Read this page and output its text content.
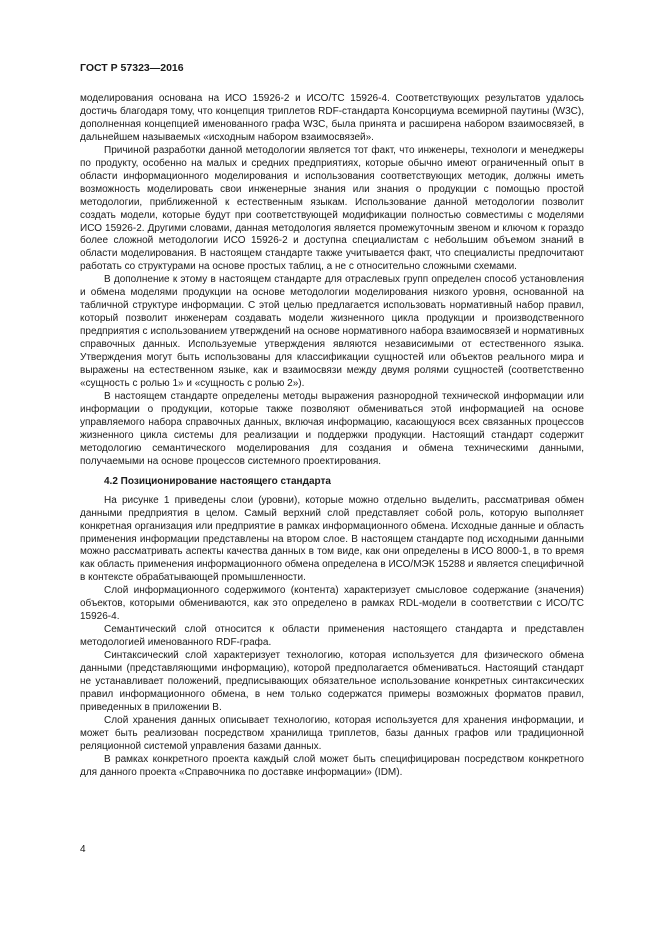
ГОСТ Р 57323—2016

моделирования основана на ИСО 15926-2 и ИСО/ТС 15926-4. Соответствующих результатов удалось достичь благодаря тому, что концепция триплетов RDF-стандарта Консорциума всемирной паутины (W3C), дополненная концепцией именованного графа W3C, была принята и расширена набором взаимосвязей, в дальнейшем называемых «исходным набором взаимосвязей».

Причиной разработки данной методологии является тот факт, что инженеры, технологи и менеджеры по продукту, особенно на малых и средних предприятиях, которые обычно имеют ограниченный опыт в области информационного моделирования и использования соответствующих методик, должны иметь возможность моделировать свои инженерные знания или знания о продукции с помощью простой методологии, приближенной к естественным языкам. Использование данной методологии позволит создать модели, которые будут при соответствующей модификации полностью совместимы с моделями ИСО 15926-2. Другими словами, данная методология является промежуточным звеном и ключом к гораздо более сложной методологии ИСО 15926-2 и доступна специалистам с небольшим объемом знаний в области моделирования. В настоящем стандарте также учитывается факт, что специалисты предпочитают работать со структурами на основе простых таблиц, а не с относительно сложными схемами.

В дополнение к этому в настоящем стандарте для отраслевых групп определен способ установления и обмена моделями продукции на основе методологии моделирования низкого уровня, основанной на табличной структуре информации. С этой целью предлагается использовать нормативный набор правил, который позволит инженерам создавать модели жизненного цикла продукции и производственного предприятия с использованием утверждений на основе нормативного набора взаимосвязей и нормативных справочных данных. Используемые утверждения являются независимыми от естественного языка. Утверждения могут быть использованы для классификации сущностей или объектов реального мира и выражены на естественном языке, как и взаимосвязи между двумя ролями сущностей (соответственно «сущность с ролью 1» и «сущность с ролью 2»).

В настоящем стандарте определены методы выражения разнородной технической информации или информации о продукции, которые также позволяют обмениваться этой информацией на основе управляемого набора справочных данных, включая информацию, касающуюся всех связанных процессов жизненного цикла системы для реализации и поддержки продукции. Настоящий стандарт содержит методологию семантического моделирования для создания и обмена техническими данными, получаемыми на основе процессов системного проектирования.

4.2 Позиционирование настоящего стандарта

На рисунке 1 приведены слои (уровни), которые можно отдельно выделить, рассматривая обмен данными предприятия в целом. Самый верхний слой представляет собой роль, которую выполняет конкретная организация или предприятие в рамках информационного обмена. Исходные данные и область применения информации представлены на втором слое. В настоящем стандарте под исходными данными можно рассматривать аспекты качества данных в том виде, как они определены в ИСО 8000-1, в то время как область применения информационного обмена определена в ИСО/МЭК 15288 и является специфичной в контексте обрабатывающей промышленности.

Слой информационного содержимого (контента) характеризует смысловое содержание (значения) объектов, которыми обмениваются, как это определено в рамках RDL-модели в соответствии с ИСО/ТС 15926-4.

Семантический слой относится к области применения настоящего стандарта и представлен методологией именованного RDF-графа.

Синтаксический слой характеризует технологию, которая используется для физического обмена данными (представляющими информацию), которой предполагается обмениваться. Настоящий стандарт не устанавливает положений, предписывающих обязательное использование конкретных синтаксических правил информационного обмена, в нем только содержатся примеры возможных форматов правил, приведенных в приложении В.

Слой хранения данных описывает технологию, которая используется для хранения информации, и может быть реализован посредством хранилища триплетов, базы данных графов или традиционной реляционной системой управления базами данных.

В рамках конкретного проекта каждый слой может быть специфицирован посредством конкретного для данного проекта «Справочника по доставке информации» (IDM).

4
